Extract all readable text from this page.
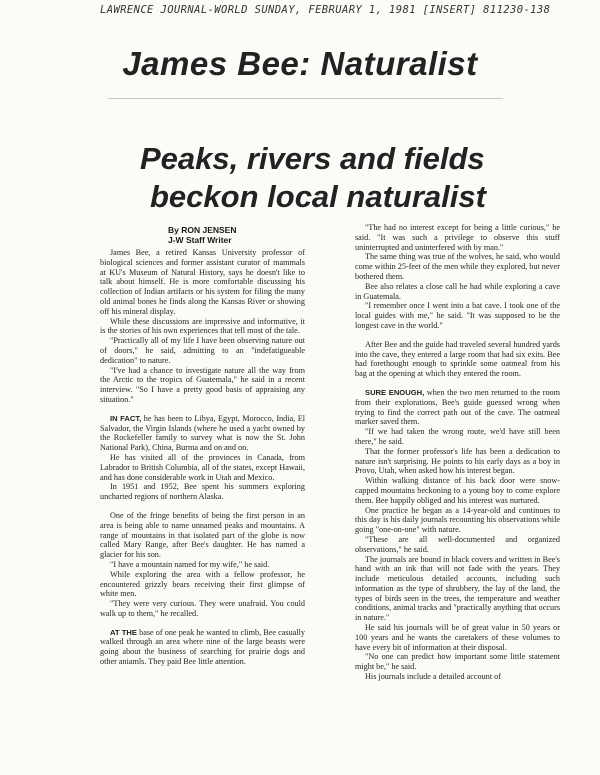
LAWRENCE JOURNAL-WORLD SUNDAY, FEBRUARY 1, 1981 [INSERT] 811230-138
James Bee: Naturalist
Peaks, rivers and fields
beckon local naturalist
By RON JENSEN
J-W Staff Writer

James Bee, a retired Kansas University professor of biological sciences and former assistant curator of mammals at KU's Museum of Natural History, says he doesn't like to talk about himself. He is more comfortable discussing his collection of Indian artifacts or his system for filing the many old animal bones he finds along the Kansas River or showing off his mineral display.

While these discussions are impressive and informative, it is the stories of his own experiences that tell most of the tale.

"Practically all of my life I have been observing nature out of doors," he said, admitting to an "indefatigueable dedication" to nature.

"I've had a chance to investigate nature all the way from the Arctic to the tropics of Guatemala," he said in a recent interview. "So I have a pretty good basis of appraising any situation."

IN FACT, he has been to Libya, Egypt, Morocco, India, El Salvador, the Virgin Islands (where he used a yacht owned by the Rockefeller family to survey what is now the St. John National Park), China, Burma and on and on.

He has visited all of the provinces in Canada, from Labrador to British Columbia, all of the states, except Hawaii, and has done considerable work in Utah and Mexico.

In 1951 and 1952, Bee spent his summers exploring uncharted regions of northern Alaska.

One of the fringe benefits of being the first person in an area is being able to name unnamed peaks and mountains. A range of mountains in that isolated part of the globe is now called Mary Range, after Bee's daughter. He has named a glacier for his son.

"I have a mountain named for my wife," he said.

While exploring the area with a fellow professor, he encountered grizzly bears receiving their first glimpse of white men.

"They were very curious. They were unafraid. You could walk up to them," he recalled.

AT THE base of one peak he wanted to climb, Bee casually walked through an area where nine of the large beasts were going about the business of searching for prairie dogs and other aniamls. They paid Bee little attention.

"The had no interest except for being a little curious," he said. "It was such a privilege to observe this stuff uninterrupted and uninterfered with by man."

The same thing was true of the wolves, he said, who would come within 25-feet of the men while they explored, but never bothered them.

Bee also relates a close call he had while exploring a cave in Guatemala.

"I remember once I went into a bat cave. I took one of the local guides with me," he said. "It was supposed to be the longest cave in the world."

After Bee and the guide had traveled several hundred yards into the cave, they entered a large room that had six exits. Bee had forethought enough to sprinkle some oatmeal from his bag at the opening at which they entered the room.

SURE ENOUGH, when the two men returned to the room from their explorations, Bee's guide guessed wrong when trying to find the correct path out of the cave. The oatmeal marker saved them.

"If we had taken the wrong route, we'd have still been there," he said.

That the former professor's life has been a dedication to nature isn't surprising. He points to his early days as a boy in Provo, Utah, when asked how his interest began.

Within walking distance of his back door were snow-capped mountains beckoning to a young boy to come explore them. Bee happily obliged and his interest was nurtured.

One practice he began as a 14-year-old and continues to this day is his daily journals recounting his observations while going "one-on-one" with nature.

"These are all well-documented and organized observations," he said.

The journals are bound in black covers and written in Bee's hand with an ink that will not fade with the years. They include meticulous detailed accounts, including such information as the type of shrubbery, the lay of the land, the types of birds seen in the trees, the temperature and weather conditions, animal tracks and "practically anything that occurs in nature."

He said his journals will be of great value in 50 years or 100 years and he wants the caretakers of these volumes to have every bit of information at their disposal.

"No one can predict how important some little statement might be," he said.

His journals include a detailed account of
